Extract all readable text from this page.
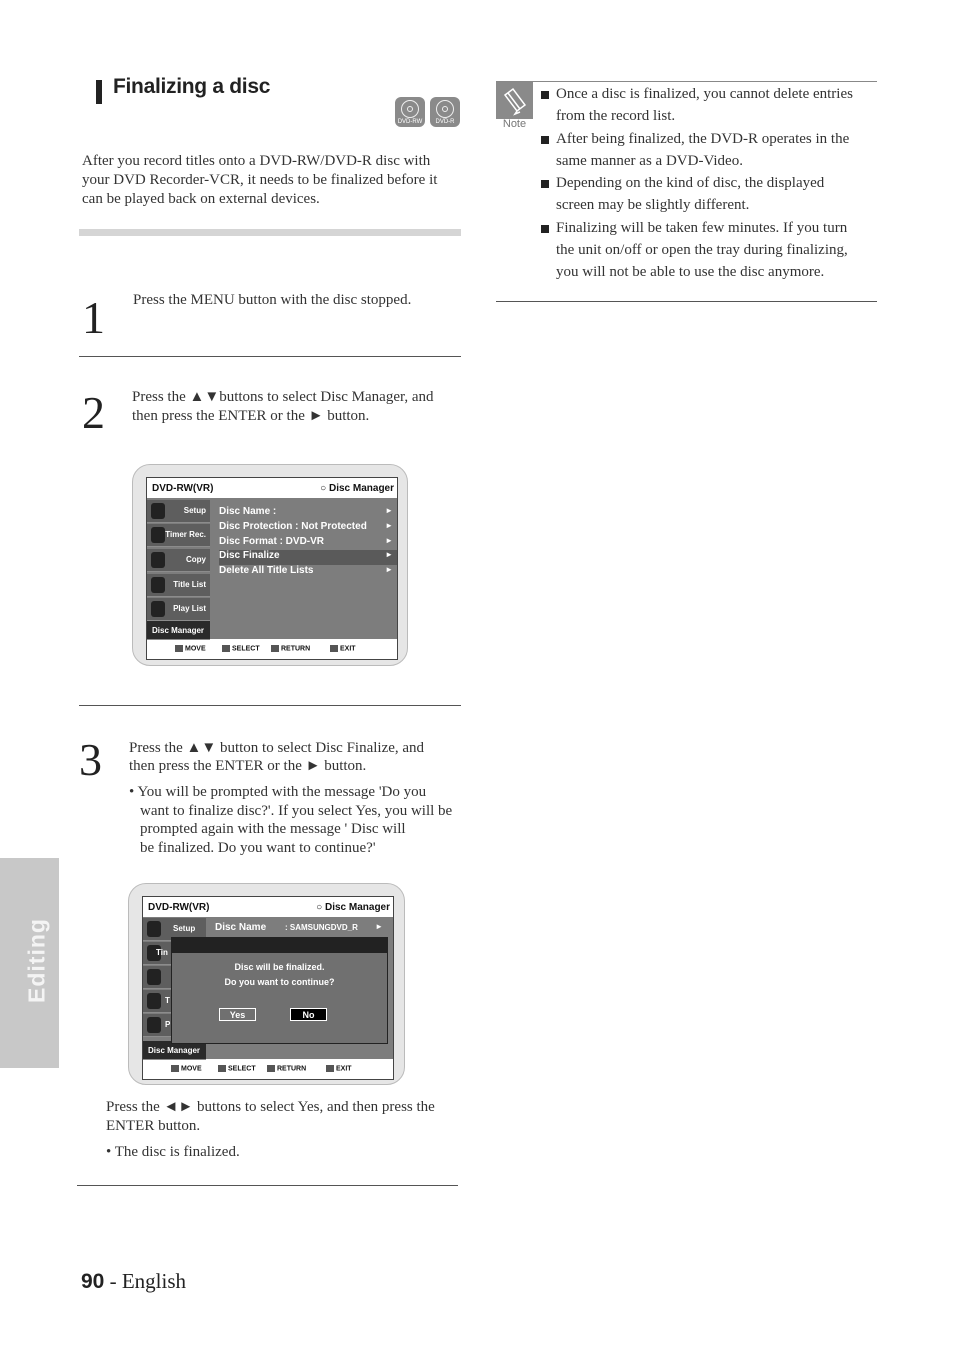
Finalizing a disc
DVD-RW	DVD-R
After you record titles onto a DVD-RW/DVD-R disc with your DVD Recorder-VCR, it needs to be finalized before it can be played back on external devices.
1 Press the MENU button with the disc stopped.
2 Press the ▲▼buttons to select Disc Manager, and
then press the ENTER or the ► button.
DVD-RW(VR)	○ Disc Manager
Setup
Timer Rec.
Copy
Title List
Play List
Disc Manager
Disc Name :	►
Disc Protection : Not Protected ►
Disc Format : DVD-VR	►
Disc Finalize	►
Delete All Title Lists	►
MOVE	SELECT	RETURN	EXIT
3 Press the ▲▼ button to select Disc Finalize, and
then press the ENTER or the ► button.
• You will be prompted with the message 'Do you
want to finalize disc?'. If you select Yes, you will be
prompted again with the message ' Disc will
be finalized. Do you want to continue?'
DVD-RW(VR)	○ Disc Manager
Setup
Tin
T
P
Disc Manager
Disc Name : SAMSUNGDVD_R ►
Disc will be finalized.
Do you want to continue?
Yes	No
MOVE	SELECT	RETURN	EXIT
Press the ◄► buttons to select Yes, and then press the
ENTER button.
• The disc is finalized.
Note
Once a disc is finalized, you cannot delete entries
from the record list.
After being finalized, the DVD-R operates in the
same manner as a DVD-Video.
Depending on the kind of disc, the displayed
screen may be slightly different.
Finalizing will be taken few minutes. If you turn
the unit on/off or open the tray during finalizing,
you will not be able to use the disc anymore.
Editing
90 - English
